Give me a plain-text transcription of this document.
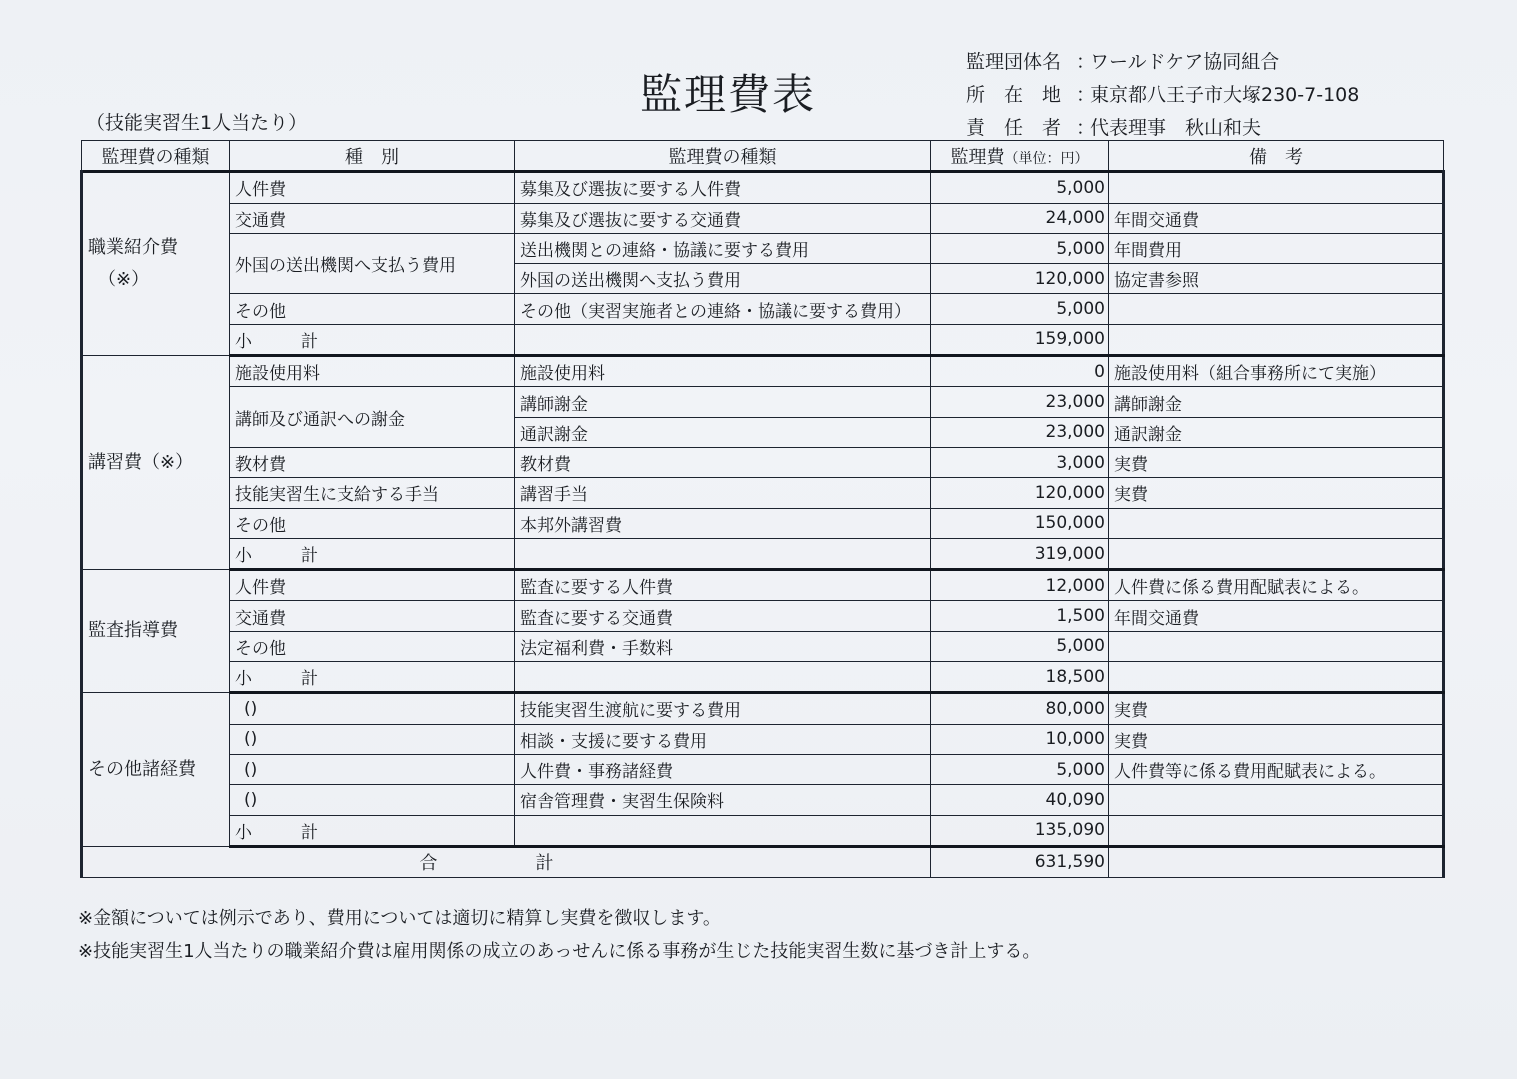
監理費表
（技能実習生1人当たり）
監理団体名 ：
ワールドケア協同組合
所　在　地 ：
東京都八王子市大塚230-7-108
責　任　者 ：
代表理事　秋山和夫
監理費の種類	種　別	監理費の種類	監理費（単位：円）	備　考

職業紹介費
（※）	人件費	募集及び選抜に要する人件費	5,000	
	交通費	募集及び選抜に要する交通費	24,000	年間交通費
	外国の送出機関へ支払う費用	送出機関との連絡・協議に要する費用	5,000	年間費用
		外国の送出機関へ支払う費用	120,000	協定書参照
	その他	その他（実習実施者との連絡・協議に要する費用）	5,000	
	小　計		159,000	
講習費（※）	施設使用料	施設使用料	0	施設使用料（組合事務所にて実施）
	講師及び通訳への謝金	講師謝金	23,000	講師謝金
		通訳謝金	23,000	通訳謝金
	教材費	教材費	3,000	実費
	技能実習生に支給する手当	講習手当	120,000	実費
	その他	本邦外講習費	150,000	
	小　計		319,000	
監査指導費	人件費	監査に要する人件費	12,000	人件費に係る費用配賦表による。
	交通費	監査に要する交通費	1,500	年間交通費
	その他	法定福利費・手数料	5,000	
	小　計		18,500	
その他諸経費	()	技能実習生渡航に要する費用	80,000	実費
	()	相談・支援に要する費用	10,000	実費
	()	人件費・事務諸経費	5,000	人件費等に係る費用配賦表による。
	()	宿舎管理費・実習生保険料	40,090	
	小　計		135,090	
合　計			631,590	
※金額については例示であり、費用については適切に精算し実費を徴収します。
※技能実習生1人当たりの職業紹介費は雇用関係の成立のあっせんに係る事務が生じた技能実習生数に基づき計上する。
